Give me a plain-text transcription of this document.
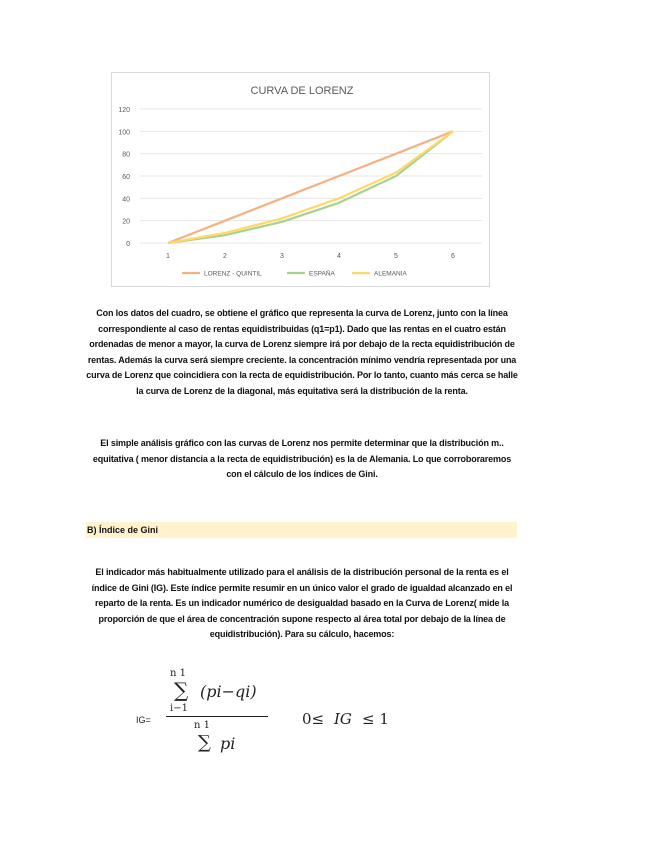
CURVA DE LORENZ
0
20
40
60
80
100
120
1	2	3	4	5	6
LORENZ - QUINTIL	ESPAÑA	ALEMANIA

Con los datos del cuadro, se obtiene el gráfico que representa la curva de Lorenz, junto con la línea correspondiente al caso de rentas equidistribuidas (q1=p1). Dado que las rentas en el cuatro están ordenadas de menor a mayor, la curva de Lorenz siempre irá por debajo de la recta equidistribución de rentas. Además la curva será siempre creciente. la concentración mínimo vendría representada por una curva de Lorenz que coincidiera con la recta de equidistribución. Por lo tanto, cuanto más cerca se halle la curva de Lorenz de la diagonal, más equitativa será la distribución de la renta.

El simple análisis gráfico con las curvas de Lorenz nos permite determinar que la distribución m.. equitativa ( menor distancia a la recta de equidistribución) es la de Alemania. Lo que corroboraremos con el cálculo de los índices de Gini.

B) Índice de Gini

El indicador más habitualmente utilizado para el análisis de la distribución personal de la renta es el índice de Gini (IG). Este índice permite resumir en un único valor el grado de igualdad alcanzado en el reparto de la renta. Es un indicador numérico de desigualdad basado en la Curva de Lorenz( mide la proporción de que el área de concentración supone respecto al área total por debajo de la línea de equidistribución). Para su cálculo, hacemos:

IG=
n 1
∑ (pi−qi)
i−1
n 1
∑ pi
0≤ IG ≤ 1
